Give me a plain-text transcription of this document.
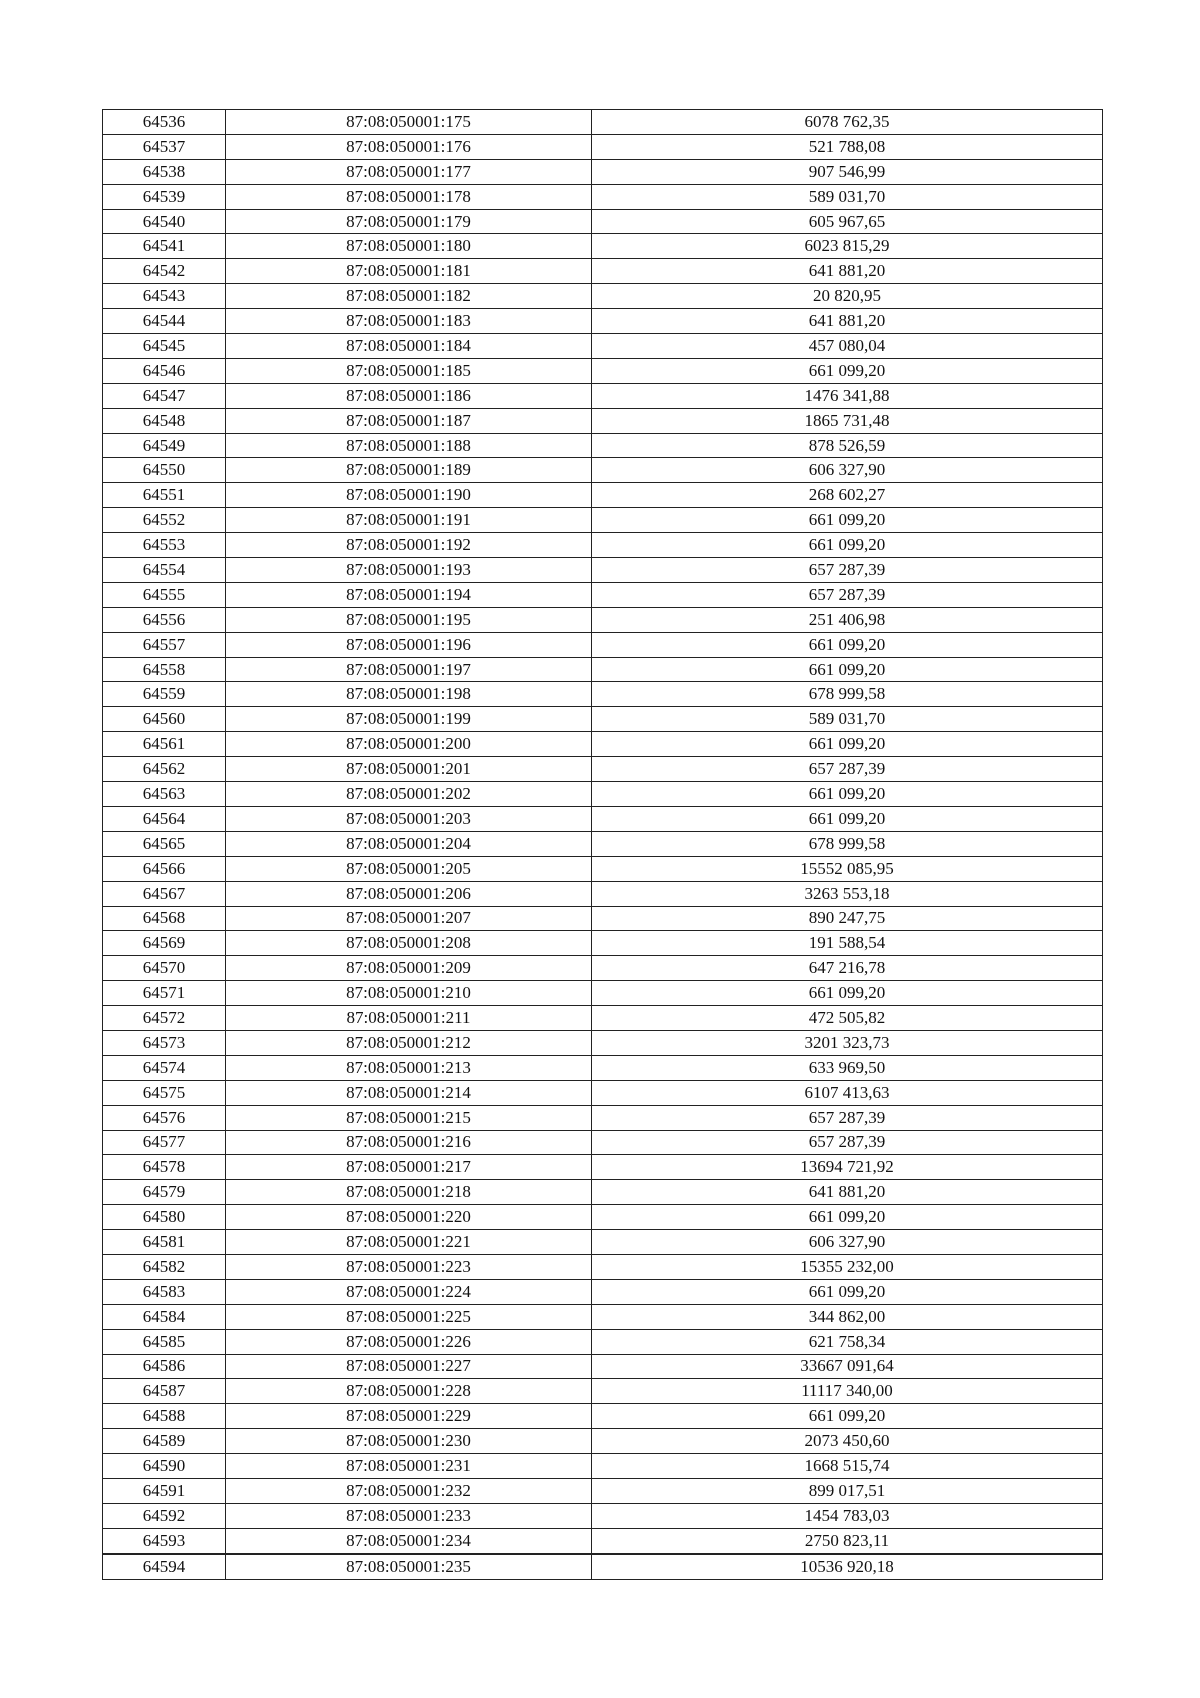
64536	87:08:050001:175	6078 762,35
64537	87:08:050001:176	521 788,08
64538	87:08:050001:177	907 546,99
64539	87:08:050001:178	589 031,70
64540	87:08:050001:179	605 967,65
64541	87:08:050001:180	6023 815,29
64542	87:08:050001:181	641 881,20
64543	87:08:050001:182	20 820,95
64544	87:08:050001:183	641 881,20
64545	87:08:050001:184	457 080,04
64546	87:08:050001:185	661 099,20
64547	87:08:050001:186	1476 341,88
64548	87:08:050001:187	1865 731,48
64549	87:08:050001:188	878 526,59
64550	87:08:050001:189	606 327,90
64551	87:08:050001:190	268 602,27
64552	87:08:050001:191	661 099,20
64553	87:08:050001:192	661 099,20
64554	87:08:050001:193	657 287,39
64555	87:08:050001:194	657 287,39
64556	87:08:050001:195	251 406,98
64557	87:08:050001:196	661 099,20
64558	87:08:050001:197	661 099,20
64559	87:08:050001:198	678 999,58
64560	87:08:050001:199	589 031,70
64561	87:08:050001:200	661 099,20
64562	87:08:050001:201	657 287,39
64563	87:08:050001:202	661 099,20
64564	87:08:050001:203	661 099,20
64565	87:08:050001:204	678 999,58
64566	87:08:050001:205	15552 085,95
64567	87:08:050001:206	3263 553,18
64568	87:08:050001:207	890 247,75
64569	87:08:050001:208	191 588,54
64570	87:08:050001:209	647 216,78
64571	87:08:050001:210	661 099,20
64572	87:08:050001:211	472 505,82
64573	87:08:050001:212	3201 323,73
64574	87:08:050001:213	633 969,50
64575	87:08:050001:214	6107 413,63
64576	87:08:050001:215	657 287,39
64577	87:08:050001:216	657 287,39
64578	87:08:050001:217	13694 721,92
64579	87:08:050001:218	641 881,20
64580	87:08:050001:220	661 099,20
64581	87:08:050001:221	606 327,90
64582	87:08:050001:223	15355 232,00
64583	87:08:050001:224	661 099,20
64584	87:08:050001:225	344 862,00
64585	87:08:050001:226	621 758,34
64586	87:08:050001:227	33667 091,64
64587	87:08:050001:228	11117 340,00
64588	87:08:050001:229	661 099,20
64589	87:08:050001:230	2073 450,60
64590	87:08:050001:231	1668 515,74
64591	87:08:050001:232	899 017,51
64592	87:08:050001:233	1454 783,03
64593	87:08:050001:234	2750 823,11
64594	87:08:050001:235	10536 920,18
